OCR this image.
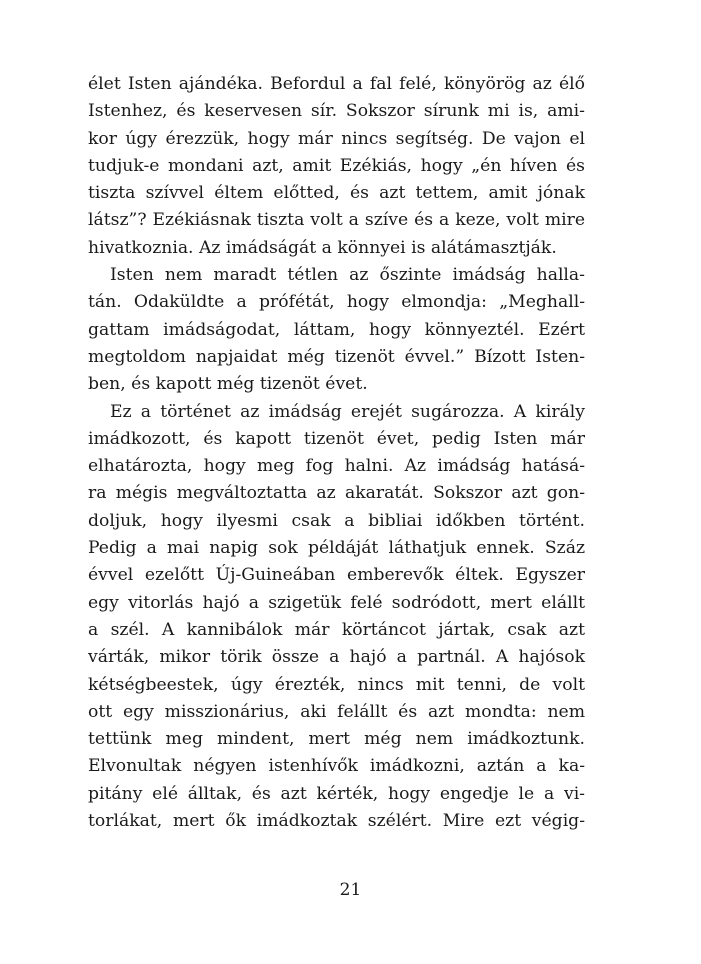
élet Isten ajándéka. Befordul a fal felé, könyörög az élő
Istenhez, és keservesen sír. Sokszor sírunk mi is, ami-
kor úgy érezzük, hogy már nincs segítség. De vajon el
tudjuk-e mondani azt, amit Ezékiás, hogy „én híven és
tiszta szívvel éltem előtted, és azt tettem, amit jónak
látsz”? Ezékiásnak tiszta volt a szíve és a keze, volt mire
hivatkoznia. Az imádságát a könnyei is alátámasztják.
Isten nem maradt tétlen az őszinte imádság halla-
tán. Odaküldte a prófétát, hogy elmondja: „Meghall-
gattam imádságodat, láttam, hogy könnyeztél. Ezért
megtoldom napjaidat még tizenöt évvel.” Bízott Isten-
ben, és kapott még tizenöt évet.
Ez a történet az imádság erejét sugározza. A király
imádkozott, és kapott tizenöt évet, pedig Isten már
elhatározta, hogy meg fog halni. Az imádság hatásá-
ra mégis megváltoztatta az akaratát. Sokszor azt gon-
doljuk, hogy ilyesmi csak a bibliai időkben történt.
Pedig a mai napig sok példáját láthatjuk ennek. Száz
évvel ezelőtt Új-Guineában emberevők éltek. Egyszer
egy vitorlás hajó a szigetük felé sodródott, mert elállt
a szél. A kannibálok már körtáncot jártak, csak azt
várták, mikor törik össze a hajó a partnál. A hajósok
kétségbeestek, úgy érezték, nincs mit tenni, de volt
ott egy misszionárius, aki felállt és azt mondta: nem
tettünk meg mindent, mert még nem imádkoztunk.
Elvonultak négyen istenhívők imádkozni, aztán a ka-
pitány elé álltak, és azt kérték, hogy engedje le a vi-
torlákat, mert ők imádkoztak szélért. Mire ezt végig-
21
